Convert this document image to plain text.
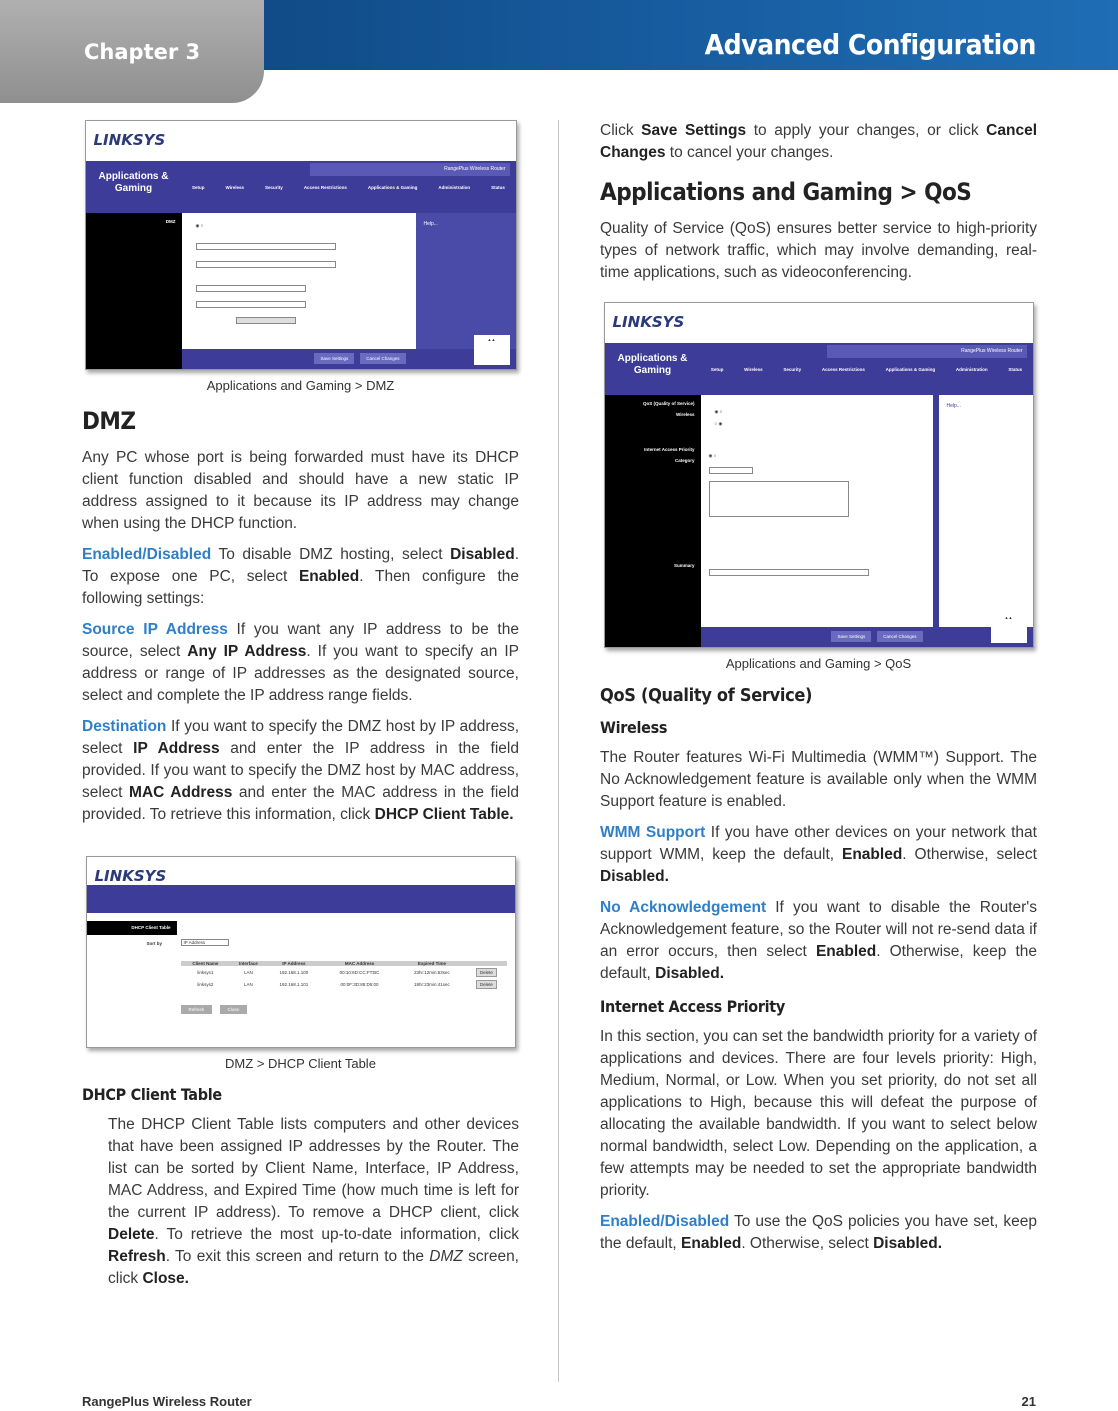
Chapter 3	Advanced Configuration
LINKSYS
Applications & Gaming
RangePlus Wireless Router
Setup	Wireless	Security	Access Restrictions	Applications & Gaming	Administration	Status
DMZ	Help...
◉ ○
Save Settings	Cancel Changes
▲▲
Applications and Gaming > DMZ
DMZ

Any PC whose port is being forwarded must have its DHCP client function disabled and should have a new static IP address assigned to it because its IP address may change when using the DHCP function.

Enabled/Disabled To disable DMZ hosting, select Disabled. To expose one PC, select Enabled. Then configure the following settings:

Source IP Address If you want any IP address to be the source, select Any IP Address. If you want to specify an IP address or range of IP addresses as the designated source, select and complete the IP address range fields.

Destination If you want to specify the DMZ host by IP address, select IP Address and enter the IP address in the field provided. If you want to specify the DMZ host by MAC address, select MAC Address and enter the MAC address in the field provided. To retrieve this information, click DHCP Client Table.

LINKSYS
DHCP Client Table
Sort by	IP Address
Client Name	Interface	IP Address	MAC Address	Expired Time	
linksys1	LAN	192.168.1.100	00:10:6D:CC:FT:BC	23hr:12min:53sec	Delete
linksys2	LAN	192.168.1.101	00:0F:3D:85:D5:00	18hr:23min:41sec	Delete
Refresh	Close
DMZ > DHCP Client Table
DHCP Client Table

The DHCP Client Table lists computers and other devices that have been assigned IP addresses by the Router. The list can be sorted by Client Name, Interface, IP Address, MAC Address, and Expired Time (how much time is left for the current IP address). To remove a DHCP client, click Delete. To retrieve the most up-to-date information, click Refresh. To exit this screen and return to the DMZ screen, click Close.

Click Save Settings to apply your changes, or click Cancel Changes to cancel your changes.

Applications and Gaming > QoS

Quality of Service (QoS) ensures better service to high-priority types of network traffic, which may involve demanding, real-time applications, such as videoconferencing.

LINKSYS
Applications & Gaming
RangePlus Wireless Router
Setup	Wireless	Security	Access Restrictions	Applications & Gaming	Administration	Status
QoS (Quality of Service)
Wireless
Internet Access Priority
Category
Summary
Help...
◉ ○
○ ◉
◉ ○
Save Settings	Cancel Changes
▲▲
Applications and Gaming > QoS
QoS (Quality of Service)
Wireless

The Router features Wi-Fi Multimedia (WMM™) Support. The No Acknowledgement feature is available only when the WMM Support feature is enabled.

WMM Support If you have other devices on your network that support WMM, keep the default, Enabled. Otherwise, select Disabled.

No Acknowledgement If you want to disable the Router's Acknowledgement feature, so the Router will not re-send data if an error occurs, then select Enabled. Otherwise, keep the default, Disabled.

Internet Access Priority

In this section, you can set the bandwidth priority for a variety of applications and devices. There are four levels priority: High, Medium, Normal, or Low. When you set priority, do not set all applications to High, because this will defeat the purpose of allocating the available bandwidth. If you want to select below normal bandwidth, select Low. Depending on the application, a few attempts may be needed to set the appropriate bandwidth priority.

Enabled/Disabled To use the QoS policies you have set, keep the default, Enabled. Otherwise, select Disabled.

RangePlus Wireless Router	21
